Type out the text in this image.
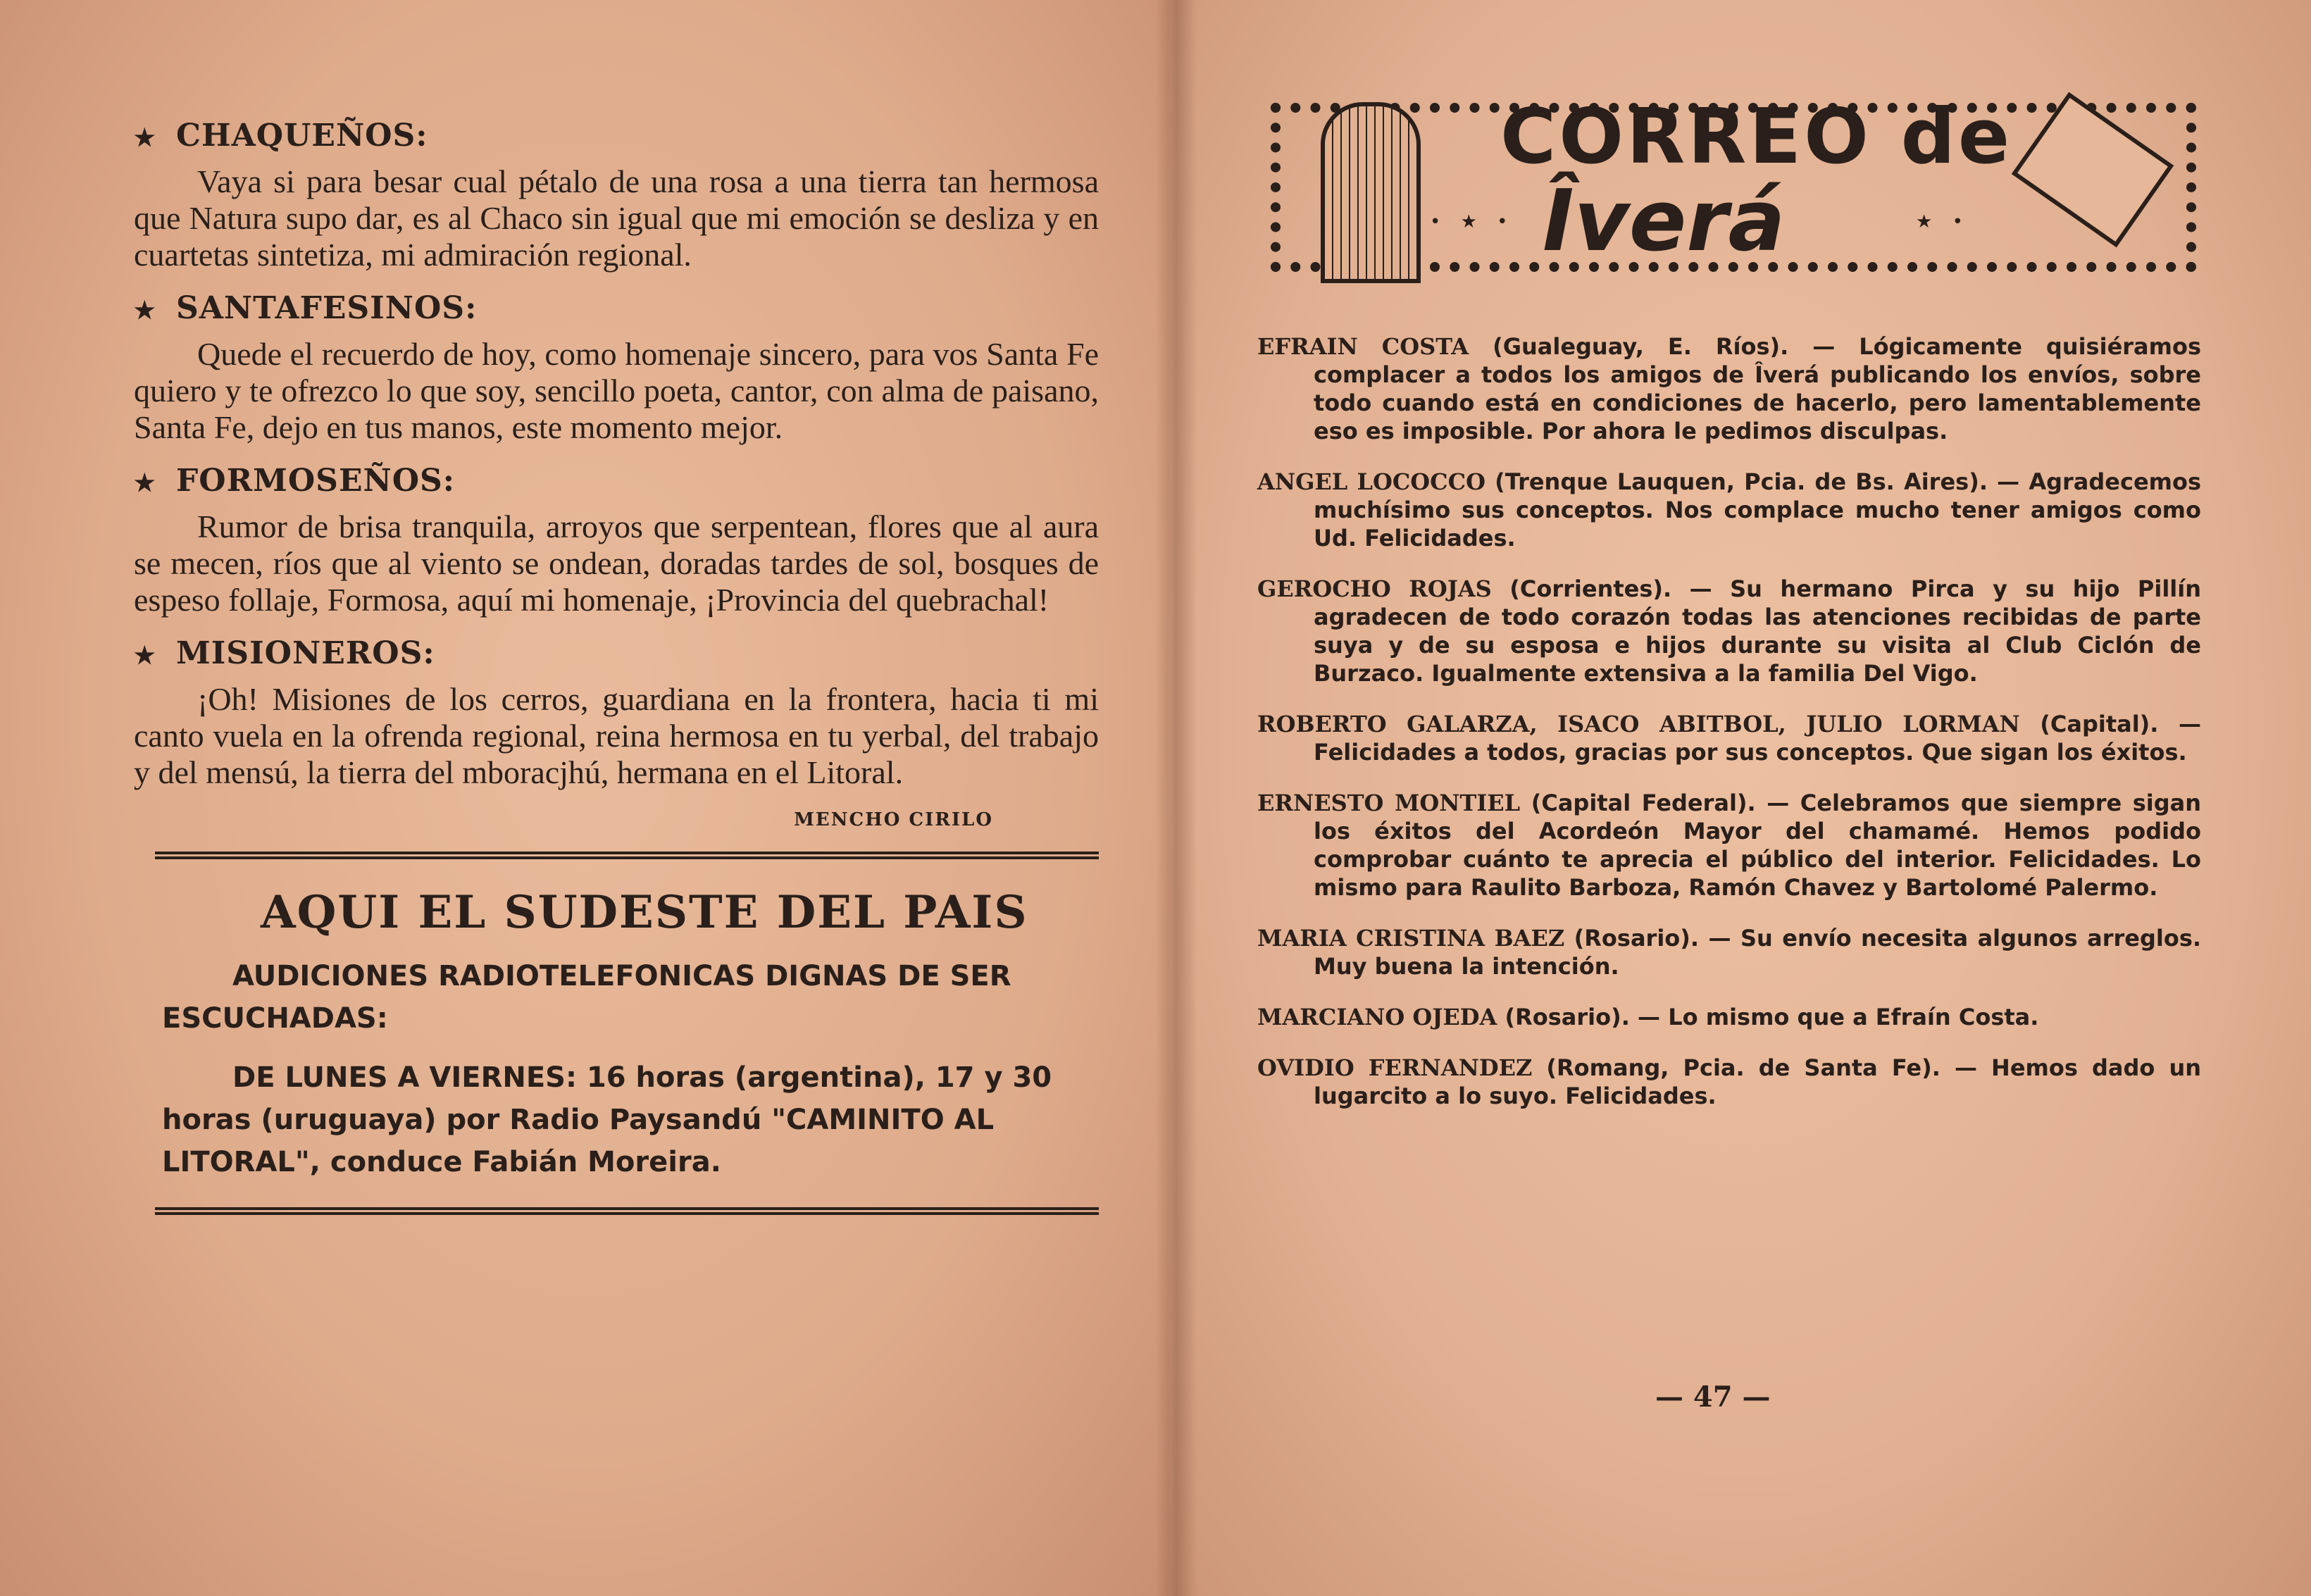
★ CHAQUEÑOS:
Vaya si para besar cual pétalo de una rosa a una tierra tan hermosa que Natura supo dar, es al Chaco sin igual que mi emoción se desliza y en cuartetas sintetiza, mi admiración regional.
★ SANTAFESINOS:
Quede el recuerdo de hoy, como homenaje sincero, para vos Santa Fe quiero y te ofrezco lo que soy, sencillo poeta, cantor, con alma de paisano, Santa Fe, dejo en tus manos, este momento mejor.
★ FORMOSEÑOS:
Rumor de brisa tranquila, arroyos que serpentean, flores que al aura se mecen, ríos que al viento se ondean, doradas tardes de sol, bosques de espeso follaje, Formosa, aquí mi homenaje, ¡Provincia del quebrachal!
★ MISIONEROS:
¡Oh! Misiones de los cerros, guardiana en la frontera, hacia ti mi canto vuela en la ofrenda regional, reina hermosa en tu yerbal, del trabajo y del mensú, la tierra del mboracjhú, hermana en el Litoral.
MENCHO CIRILO
AQUI EL SUDESTE DEL PAIS
AUDICIONES RADIOTELEFONICAS DIGNAS DE SER ESCUCHADAS:
DE LUNES A VIERNES: 16 horas (argentina), 17 y 30 horas (uruguaya) por Radio Paysandú "CAMINITO AL LITORAL", conduce Fabián Moreira.
CORREO de
Îverá
• ★ •	★ •
EFRAIN COSTA (Gualeguay, E. Ríos). — Lógicamente quisiéramos complacer a todos los amigos de Îverá publicando los envíos, sobre todo cuando está en condiciones de hacerlo, pero lamentablemente eso es imposible. Por ahora le pedimos disculpas.
ANGEL LOCOCCO (Trenque Lauquen, Pcia. de Bs. Aires). — Agradecemos muchísimo sus conceptos. Nos complace mucho tener amigos como Ud. Felicidades.
GEROCHO ROJAS (Corrientes). — Su hermano Pirca y su hijo Pillín agradecen de todo corazón todas las atenciones recibidas de parte suya y de su esposa e hijos durante su visita al Club Ciclón de Burzaco. Igualmente extensiva a la familia Del Vigo.
ROBERTO GALARZA, ISACO ABITBOL, JULIO LORMAN (Capital). — Felicidades a todos, gracias por sus conceptos. Que sigan los éxitos.
ERNESTO MONTIEL (Capital Federal). — Celebramos que siempre sigan los éxitos del Acordeón Mayor del chamamé. Hemos podido comprobar cuánto te aprecia el público del interior. Felicidades. Lo mismo para Raulito Barboza, Ramón Chavez y Bartolomé Palermo.
MARIA CRISTINA BAEZ (Rosario). — Su envío necesita algunos arreglos. Muy buena la intención.
MARCIANO OJEDA (Rosario). — Lo mismo que a Efraín Costa.
OVIDIO FERNANDEZ (Romang, Pcia. de Santa Fe). — Hemos dado un lugarcito a lo suyo. Felicidades.
— 47 —
